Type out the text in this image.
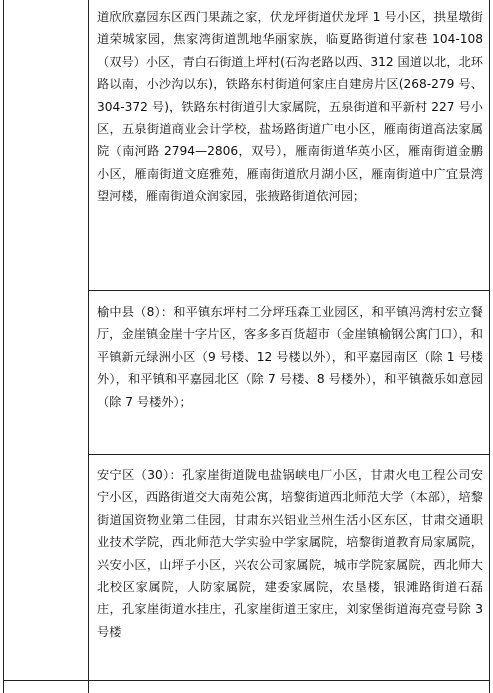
道欣欣嘉园东区西门果蔬之家，伏龙坪街道伏龙坪 1 号小区，拱星墩街道荣城家园，焦家湾街道凯地华丽家族，临夏路街道付家巷 104-108（双号）小区，青白石街道上坪村(石沟老路以西、312 国道以北，北环路以南，小沙沟以东)，铁路东村街道何家庄自建房片区(268-279 号、304-372 号)，铁路东村街道引大家属院，五泉街道和平新村 227 号小区，五泉街道商业会计学校，盐场路街道广电小区，雁南街道高法家属院（南河路 2794—2806，双号），雁南街道华英小区，雁南街道金鹏小区，雁南街道文庭雅苑，雁南街道欣月湖小区，雁南街道中广宜景湾望河楼，雁南街道众润家园，张掖路街道依河园；

榆中县（8）：和平镇东坪村二分坪珏森工业园区，和平镇冯湾村宏立餐厅，金崖镇金崖十字片区，客多多百货超市（金崖镇榆钢公寓门口），和平镇新元绿洲小区（9 号楼、12 号楼以外），和平嘉园南区（除 1 号楼外），和平镇和平嘉园北区（除 7 号楼、8 号楼外），和平镇薇乐如意园（除 7 号楼外）；

安宁区（30）：孔家崖街道陇电盐锅峡电厂小区，甘肃火电工程公司安宁小区，西路街道交大南苑公寓，培黎街道西北师范大学（本部），培黎街道国资物业第二佳园，甘肃东兴铝业兰州生活小区东区，甘肃交通职业技术学院，西北师范大学实验中学家属院，培黎街道教育局家属院，兴安小区，山坪子小区，兴农公司家属院，城市学院家属院，西北师大北校区家属院，人防家属院，建委家属院，农垦楼，银滩路街道石磊庄，孔家崖街道水挂庄，孔家崖街道王家庄，刘家堡街道海亮壹号除 3 号楼
